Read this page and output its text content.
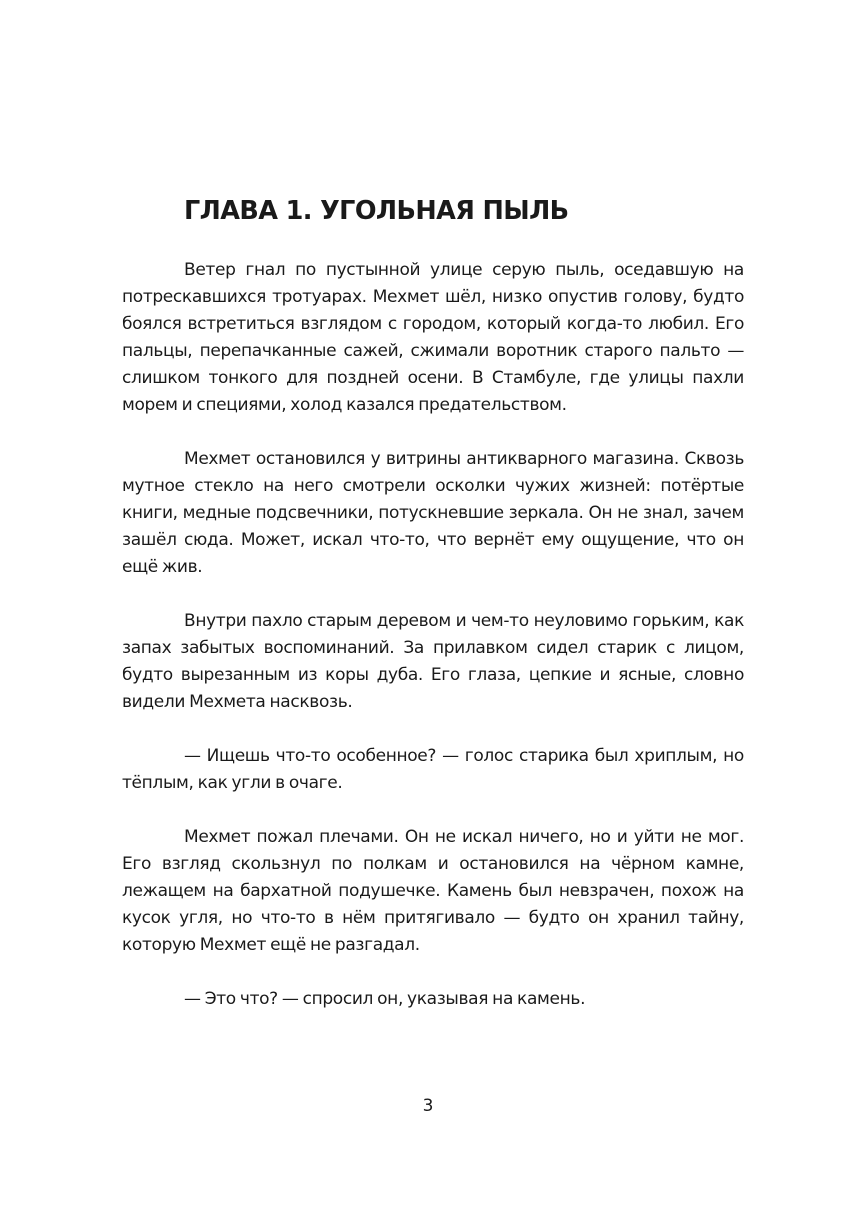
ГЛАВА 1. УГОЛЬНАЯ ПЫЛЬ

Ветер гнал по пустынной улице серую пыль, оседавшую на потрескавшихся тротуарах. Мехмет шёл, низко опустив голову, будто боялся встретиться взглядом с городом, который когда-то любил. Его пальцы, перепачканные сажей, сжимали воротник старого пальто — слишком тонкого для поздней осени. В Стамбуле, где улицы пахли морем и специями, холод казался предательством.

Мехмет остановился у витрины антикварного магазина. Сквозь мутное стекло на него смотрели осколки чужих жизней: потёртые книги, медные подсвечники, потускневшие зеркала. Он не знал, зачем зашёл сюда. Может, искал что-то, что вернёт ему ощущение, что он ещё жив.

Внутри пахло старым деревом и чем-то неуловимо горьким, как запах забытых воспоминаний. За прилавком сидел старик с лицом, будто вырезанным из коры дуба. Его глаза, цепкие и ясные, словно видели Мехмета насквозь.

— Ищешь что-то особенное? — голос старика был хриплым, но тёплым, как угли в очаге.

Мехмет пожал плечами. Он не искал ничего, но и уйти не мог. Его взгляд скользнул по полкам и остановился на чёрном камне, лежащем на бархатной подушечке. Камень был невзрачен, похож на кусок угля, но что-то в нём притягивало — будто он хранил тайну, которую Мехмет ещё не разгадал.

— Это что? — спросил он, указывая на камень.

3
